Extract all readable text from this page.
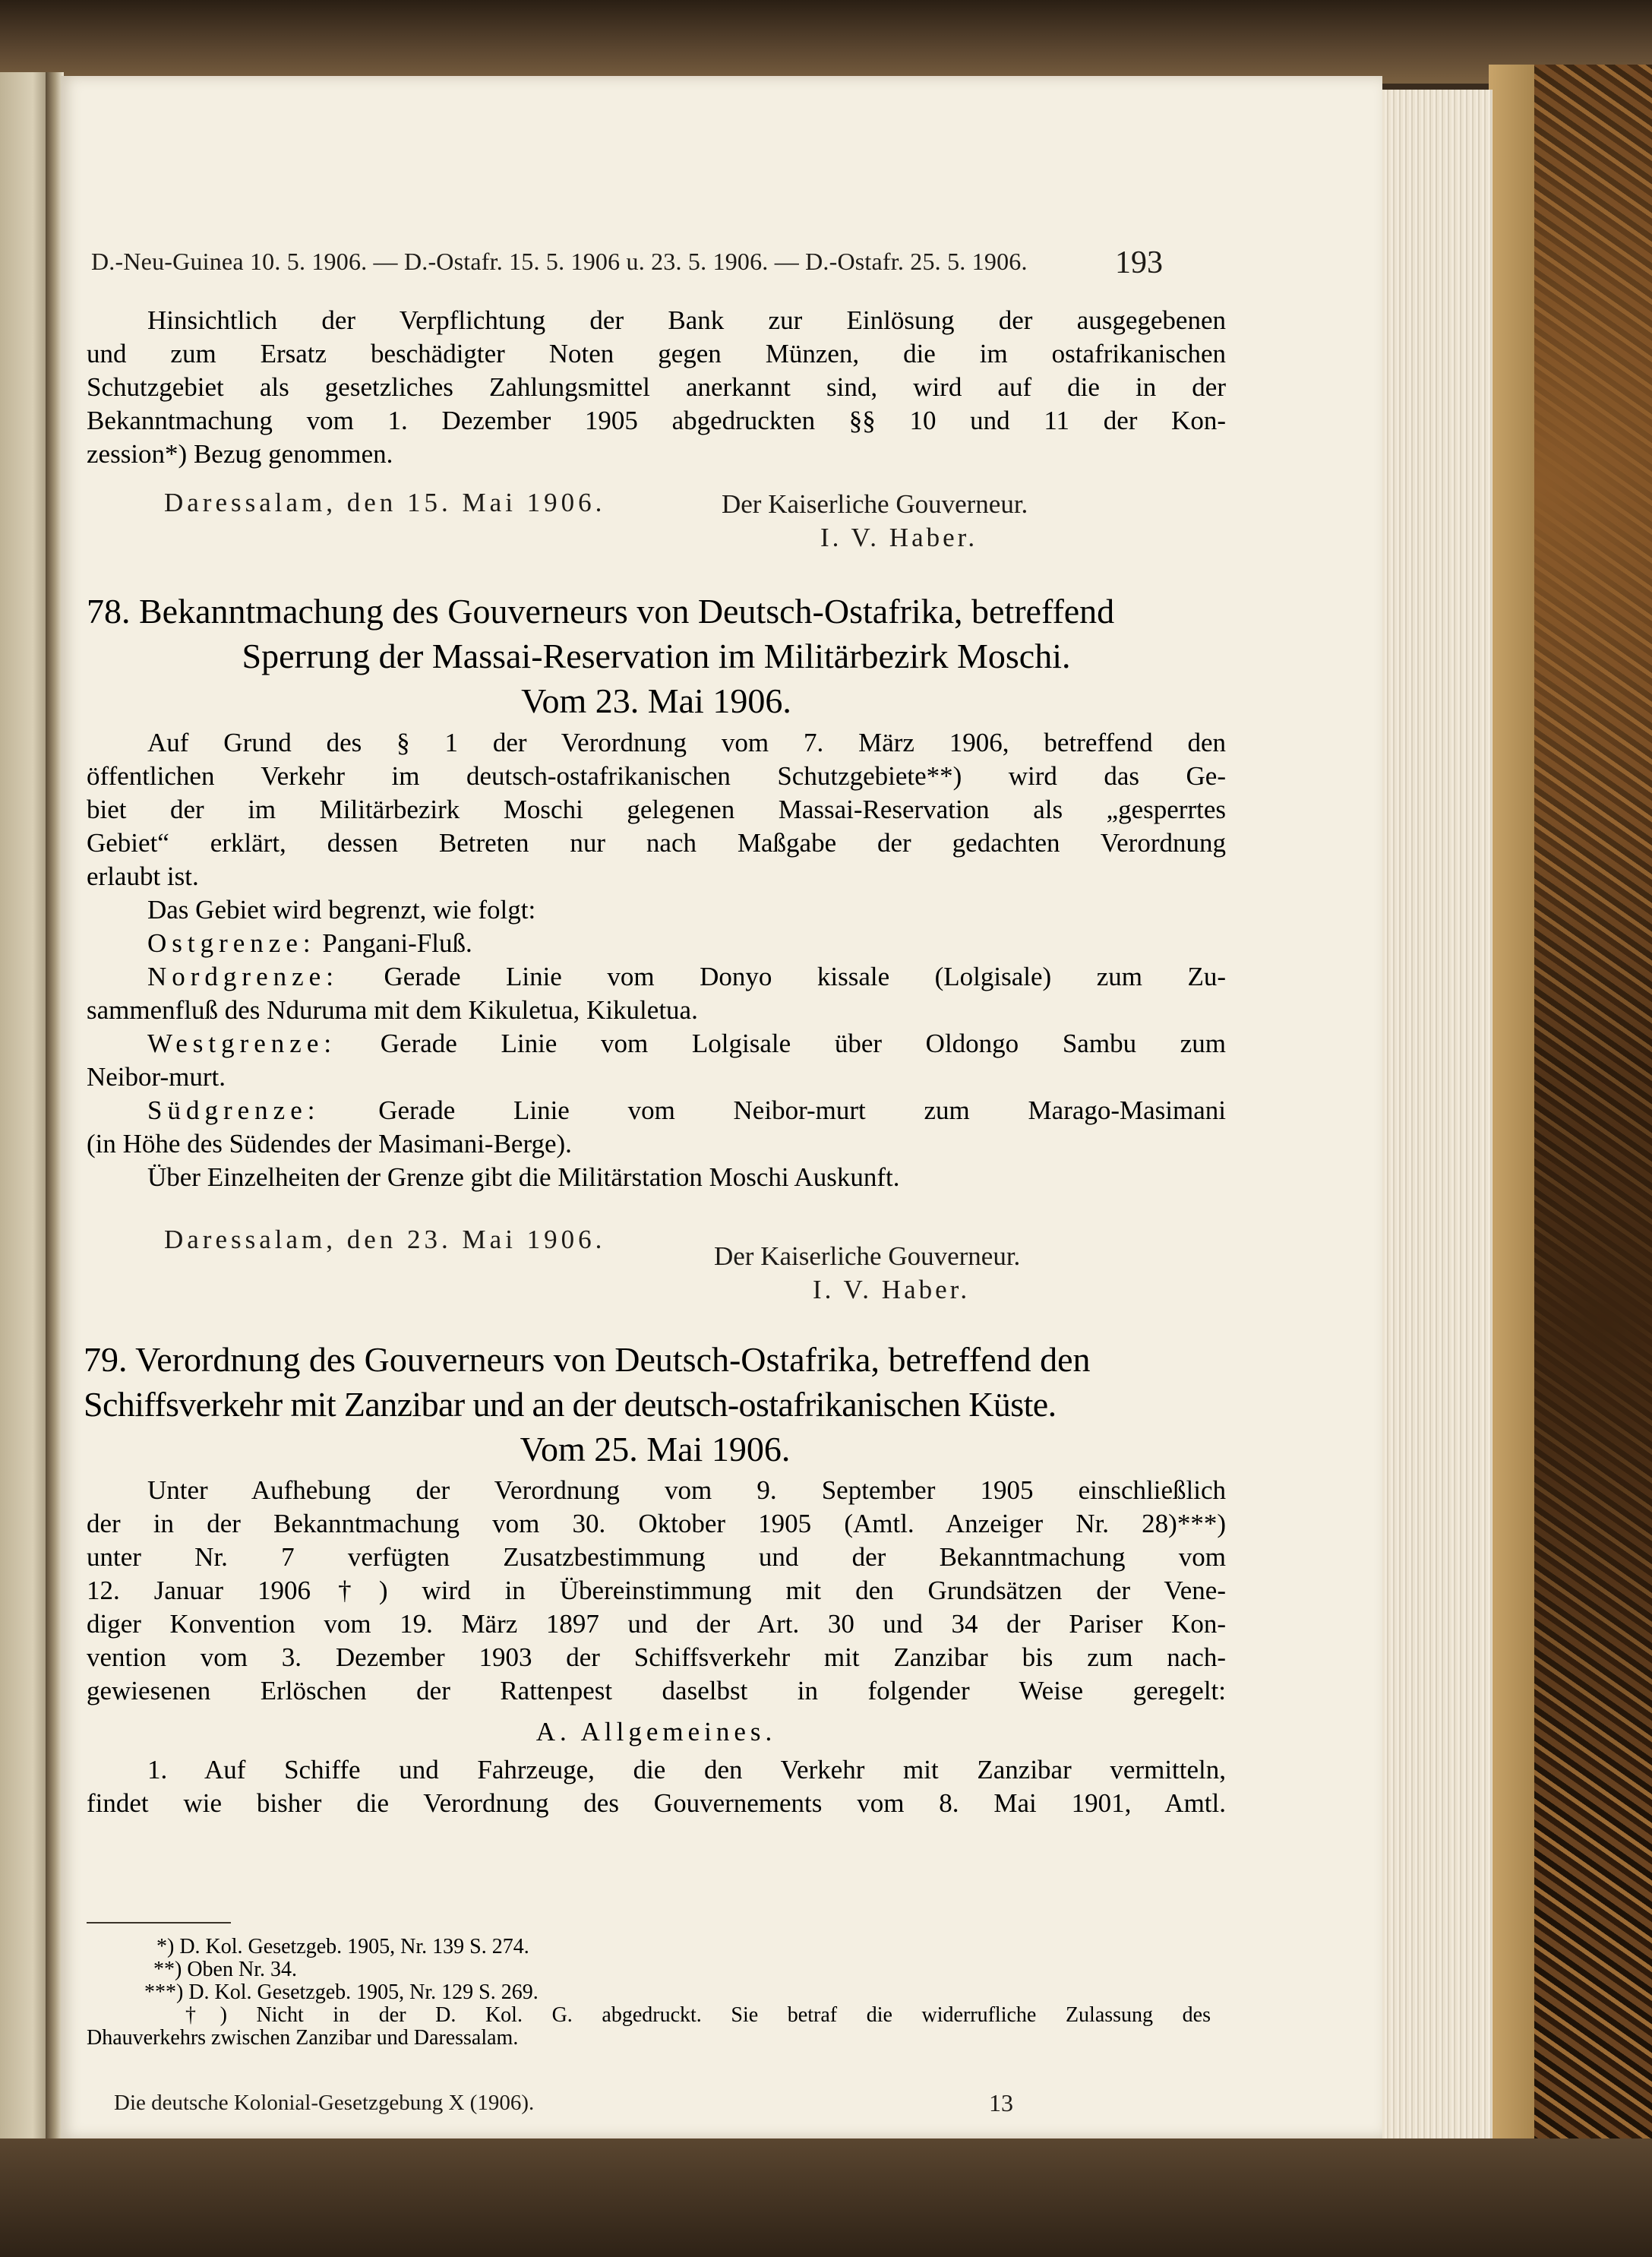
D.-Neu-Guinea 10. 5. 1906. — D.-Ostafr. 15. 5. 1906 u. 23. 5. 1906. — D.-Ostafr. 25. 5. 1906.	193
Hinsichtlich der Verpflichtung der Bank zur Einlösung der ausgegebenen
und zum Ersatz beschädigter Noten gegen Münzen, die im ostafrikanischen
Schutzgebiet als gesetzliches Zahlungsmittel anerkannt sind, wird auf die in der
Bekanntmachung vom 1. Dezember 1905 abgedruckten §§ 10 und 11 der Kon-
zession*) Bezug genommen.
Daressalam, den 15. Mai 1906.	Der Kaiserliche Gouverneur.
I. V. Haber.
78. Bekanntmachung des Gouverneurs von Deutsch-Ostafrika, betreffend
Sperrung der Massai-Reservation im Militärbezirk Moschi.
Vom 23. Mai 1906.
Auf Grund des § 1 der Verordnung vom 7. März 1906, betreffend den
öffentlichen Verkehr im deutsch-ostafrikanischen Schutzgebiete**) wird das Ge-
biet der im Militärbezirk Moschi gelegenen Massai-Reservation als „gesperrtes
Gebiet“ erklärt, dessen Betreten nur nach Maßgabe der gedachten Verordnung
erlaubt ist.
Das Gebiet wird begrenzt, wie folgt:
Ostgrenze: Pangani-Fluß.
Nordgrenze: Gerade Linie vom Donyo kissale (Lolgisale) zum Zu-
sammenfluß des Nduruma mit dem Kikuletua, Kikuletua.
Westgrenze: Gerade Linie vom Lolgisale über Oldongo Sambu zum
Neibor-murt.
Südgrenze: Gerade Linie vom Neibor-murt zum Marago-Masimani
(in Höhe des Südendes der Masimani-Berge).
Über Einzelheiten der Grenze gibt die Militärstation Moschi Auskunft.
Daressalam, den 23. Mai 1906.
Der Kaiserliche Gouverneur.
I. V. Haber.
79. Verordnung des Gouverneurs von Deutsch-Ostafrika, betreffend den
Schiffsverkehr mit Zanzibar und an der deutsch-ostafrikanischen Küste.
Vom 25. Mai 1906.
Unter Aufhebung der Verordnung vom 9. September 1905 einschließlich
der in der Bekanntmachung vom 30. Oktober 1905 (Amtl. Anzeiger Nr. 28)***)
unter Nr. 7 verfügten Zusatzbestimmung und der Bekanntmachung vom
12. Januar 1906†) wird in Übereinstimmung mit den Grundsätzen der Vene-
diger Konvention vom 19. März 1897 und der Art. 30 und 34 der Pariser Kon-
vention vom 3. Dezember 1903 der Schiffsverkehr mit Zanzibar bis zum nach-
gewiesenen Erlöschen der Rattenpest daselbst in folgender Weise geregelt:
A. Allgemeines.
1. Auf Schiffe und Fahrzeuge, die den Verkehr mit Zanzibar vermitteln,
findet wie bisher die Verordnung des Gouvernements vom 8. Mai 1901, Amtl.
*) D. Kol. Gesetzgeb. 1905, Nr. 139 S. 274.
**) Oben Nr. 34.
***) D. Kol. Gesetzgeb. 1905, Nr. 129 S. 269.
†) Nicht in der D. Kol. G. abgedruckt. Sie betraf die widerrufliche Zulassung des
Dhauverkehrs zwischen Zanzibar und Daressalam.
Die deutsche Kolonial-Gesetzgebung X (1906).	13
